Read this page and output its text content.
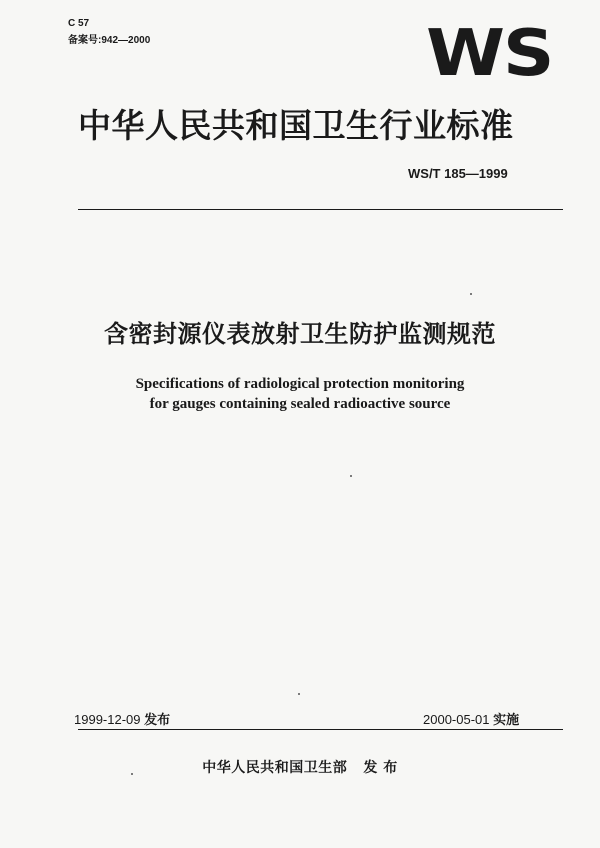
C 57
备案号:942—2000	WS
中华人民共和国卫生行业标准
WS/T 185—1999
含密封源仪表放射卫生防护监测规范
Specifications of radiological protection monitoring
for gauges containing sealed radioactive source
1999-12-09 发布	2000-05-01 实施
中华人民共和国卫生部 发 布
